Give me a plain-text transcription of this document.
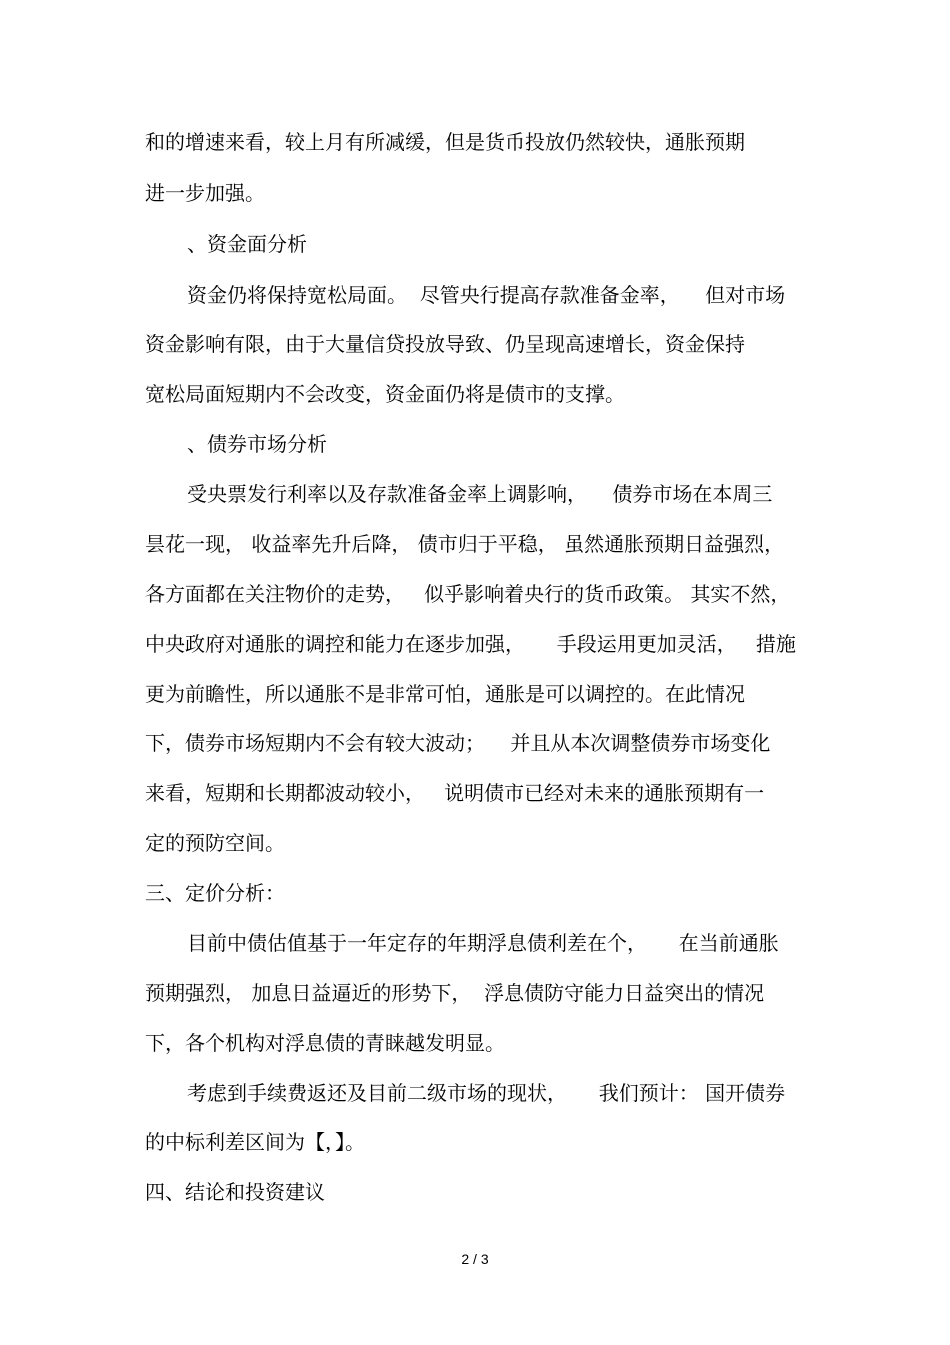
和的增速来看，较上月有所减缓，但是货币投放仍然较快，通胀预期

进一步加强。

、资金面分析

资金仍将保持宽松局面。  尽管央行提高存款准备金率，    但对市场

资金影响有限，由于大量信贷投放导致、仍呈现高速增长，资金保持

宽松局面短期内不会改变，资金面仍将是债市的支撑。

、债券市场分析

受央票发行利率以及存款准备金率上调影响，    债券市场在本周三

昙花一现， 收益率先升后降， 债市归于平稳， 虽然通胀预期日益强烈，

各方面都在关注物价的走势，   似乎影响着央行的货币政策。 其实不然，

中央政府对通胀的调控和能力在逐步加强，     手段运用更加灵活，   措施

更为前瞻性，所以通胀不是非常可怕，通胀是可以调控的。在此情况

下，债券市场短期内不会有较大波动；    并且从本次调整债券市场变化

来看，短期和长期都波动较小，   说明债市已经对未来的通胀预期有一

定的预防空间。

三、定价分析：

目前中债估值基于一年定存的年期浮息债利差在个，     在当前通胀

预期强烈， 加息日益逼近的形势下，  浮息债防守能力日益突出的情况

下，各个机构对浮息债的青睐越发明显。

考虑到手续费返还及目前二级市场的现状，     我们预计： 国开债券

的中标利差区间为【，】。

四、结论和投资建议

2 / 3
